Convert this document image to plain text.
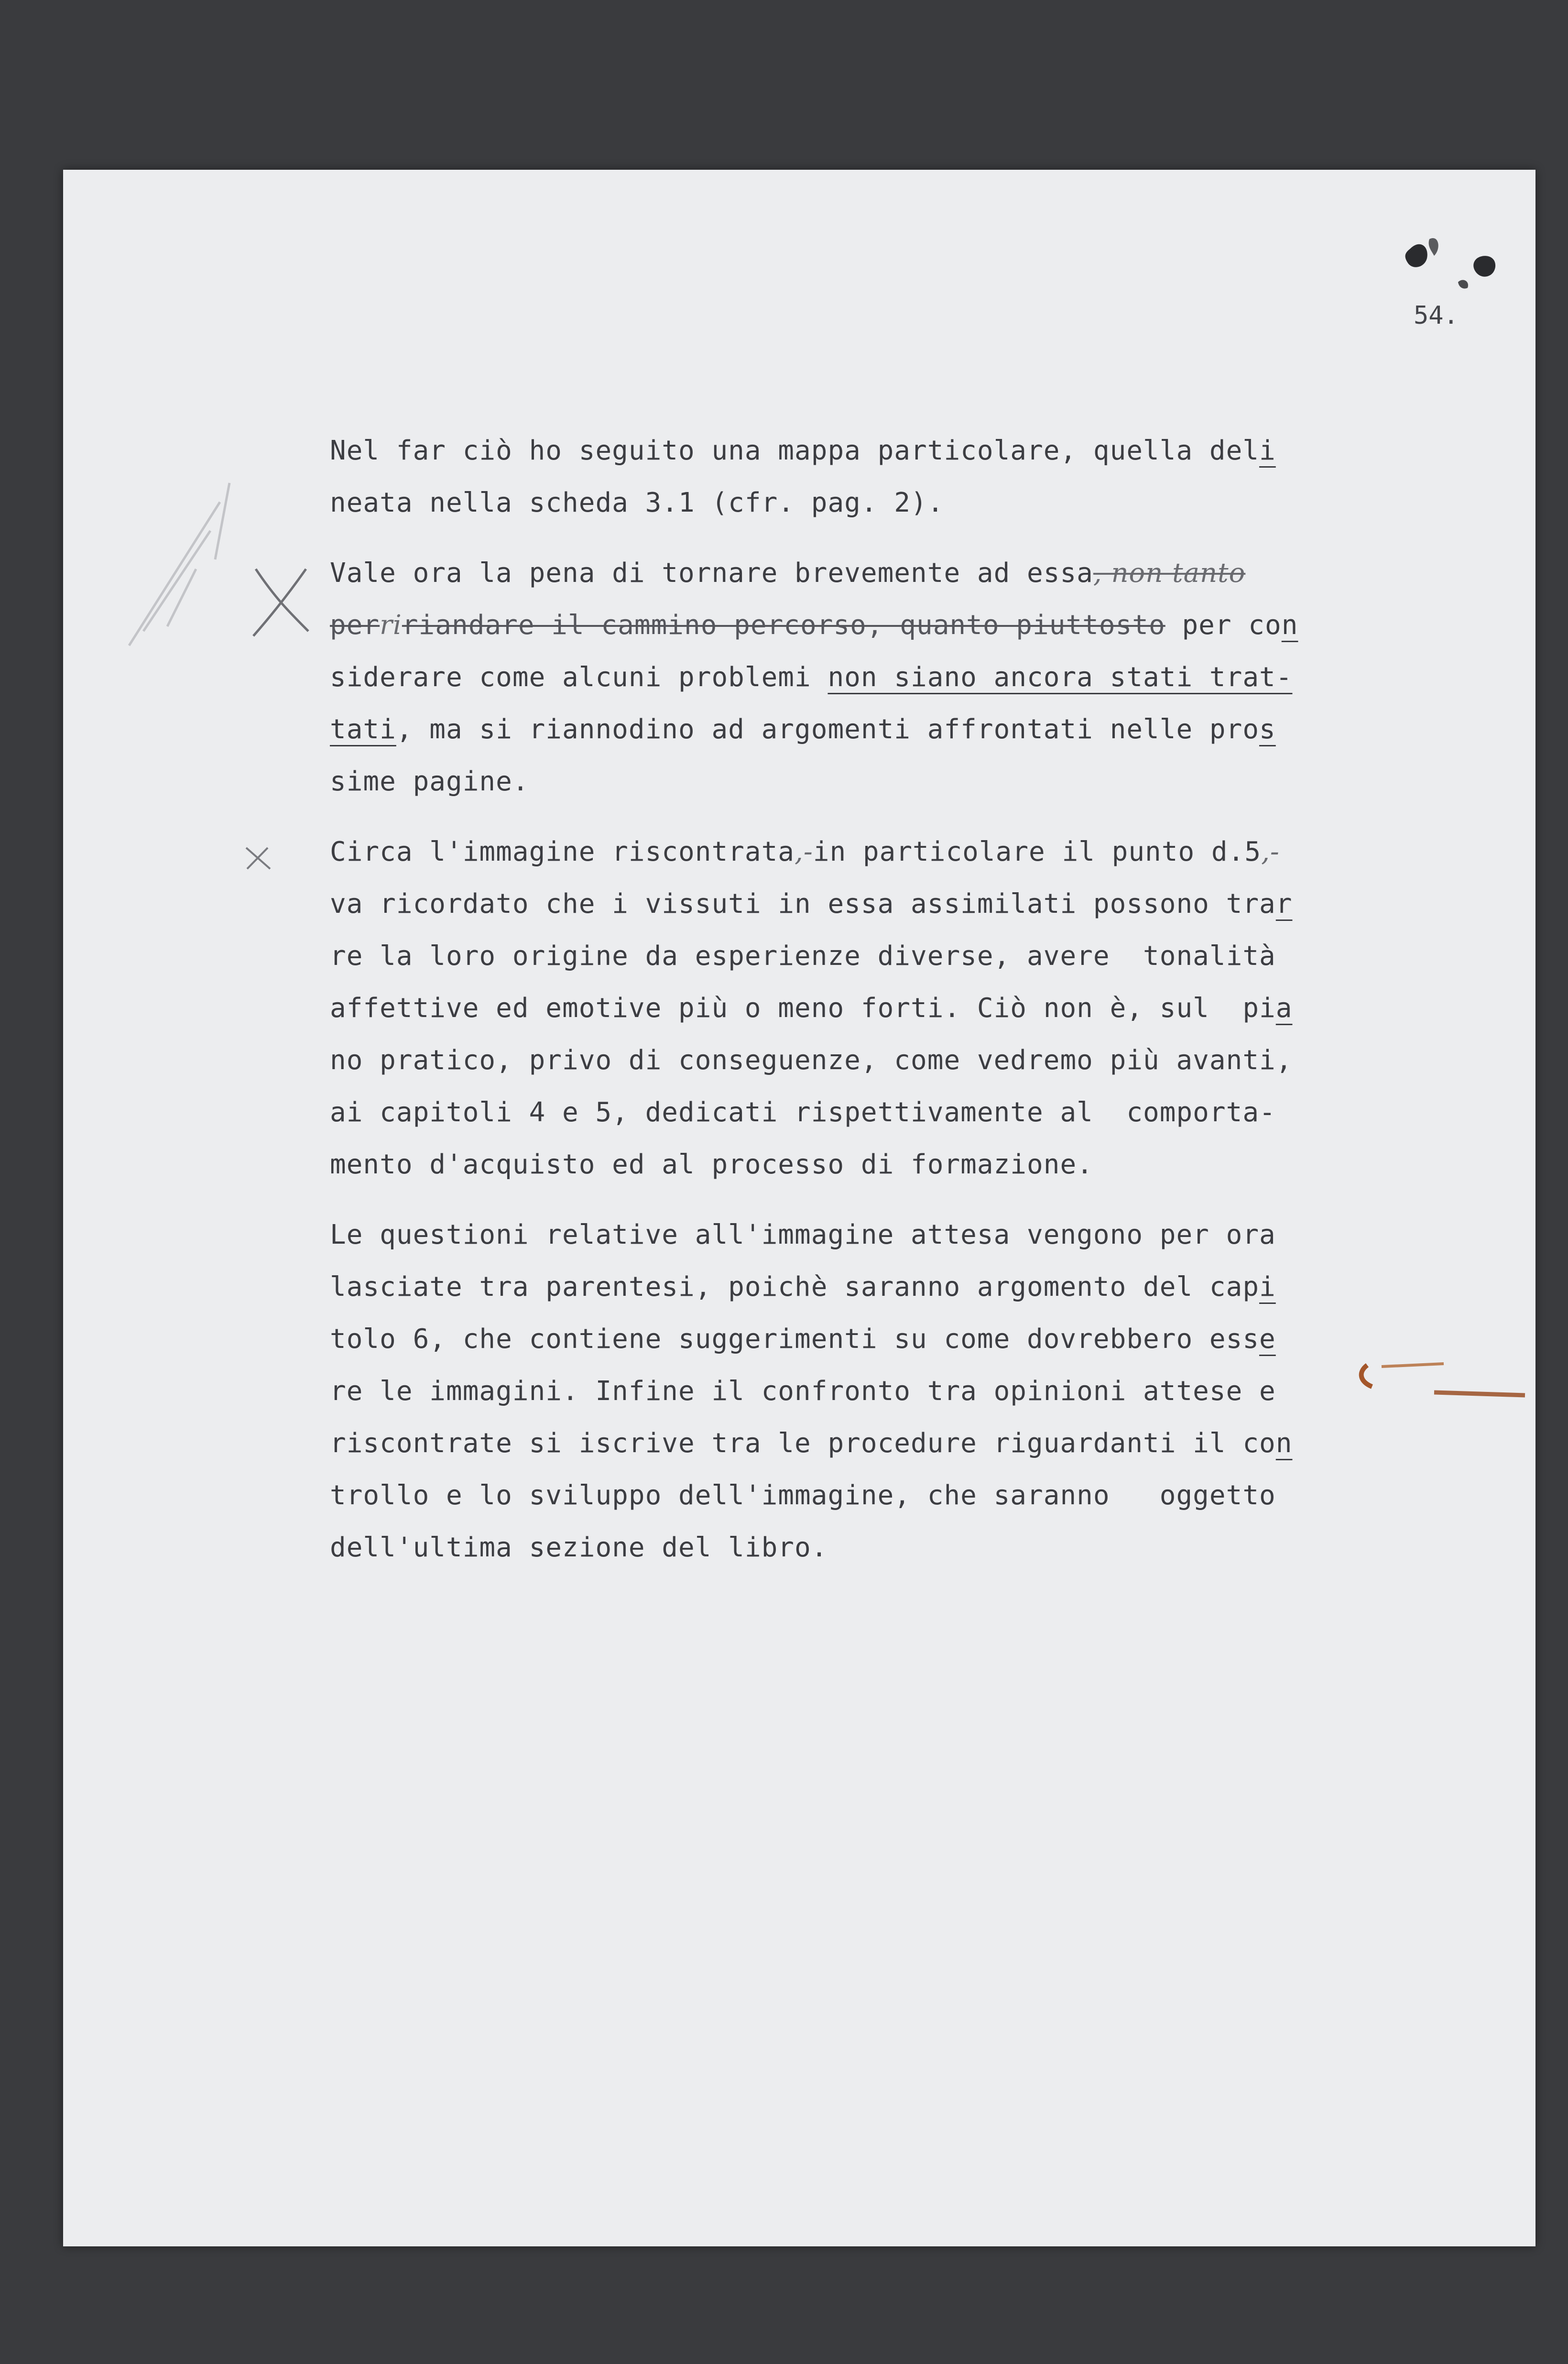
54.
Nel far ciò ho seguito una mappa particolare, quella deli
neata nella scheda 3.1 (cfr. pag. 2).
Vale ora la pena di tornare brevemente ad essa, non tanto
perririandare il cammino percorso, quanto piuttosto per con
siderare come alcuni problemi non siano ancora stati trat-
tati, ma si riannodino ad argomenti affrontati nelle pros
sime pagine.
Circa l'immagine riscontrata,-in particolare il punto d.5,-
va ricordato che i vissuti in essa assimilati possono trar
re la loro origine da esperienze diverse, avere  tonalità
affettive ed emotive più o meno forti. Ciò non è, sul  pia
no pratico, privo di conseguenze, come vedremo più avanti,
ai capitoli 4 e 5, dedicati rispettivamente al  comporta-
mento d'acquisto ed al processo di formazione.
Le questioni relative all'immagine attesa vengono per ora
lasciate tra parentesi, poichè saranno argomento del capi
tolo 6, che contiene suggerimenti su come dovrebbero esse
re le immagini. Infine il confronto tra opinioni attese e
riscontrate si iscrive tra le procedure riguardanti il con
trollo e lo sviluppo dell'immagine, che saranno   oggetto
dell'ultima sezione del libro.
